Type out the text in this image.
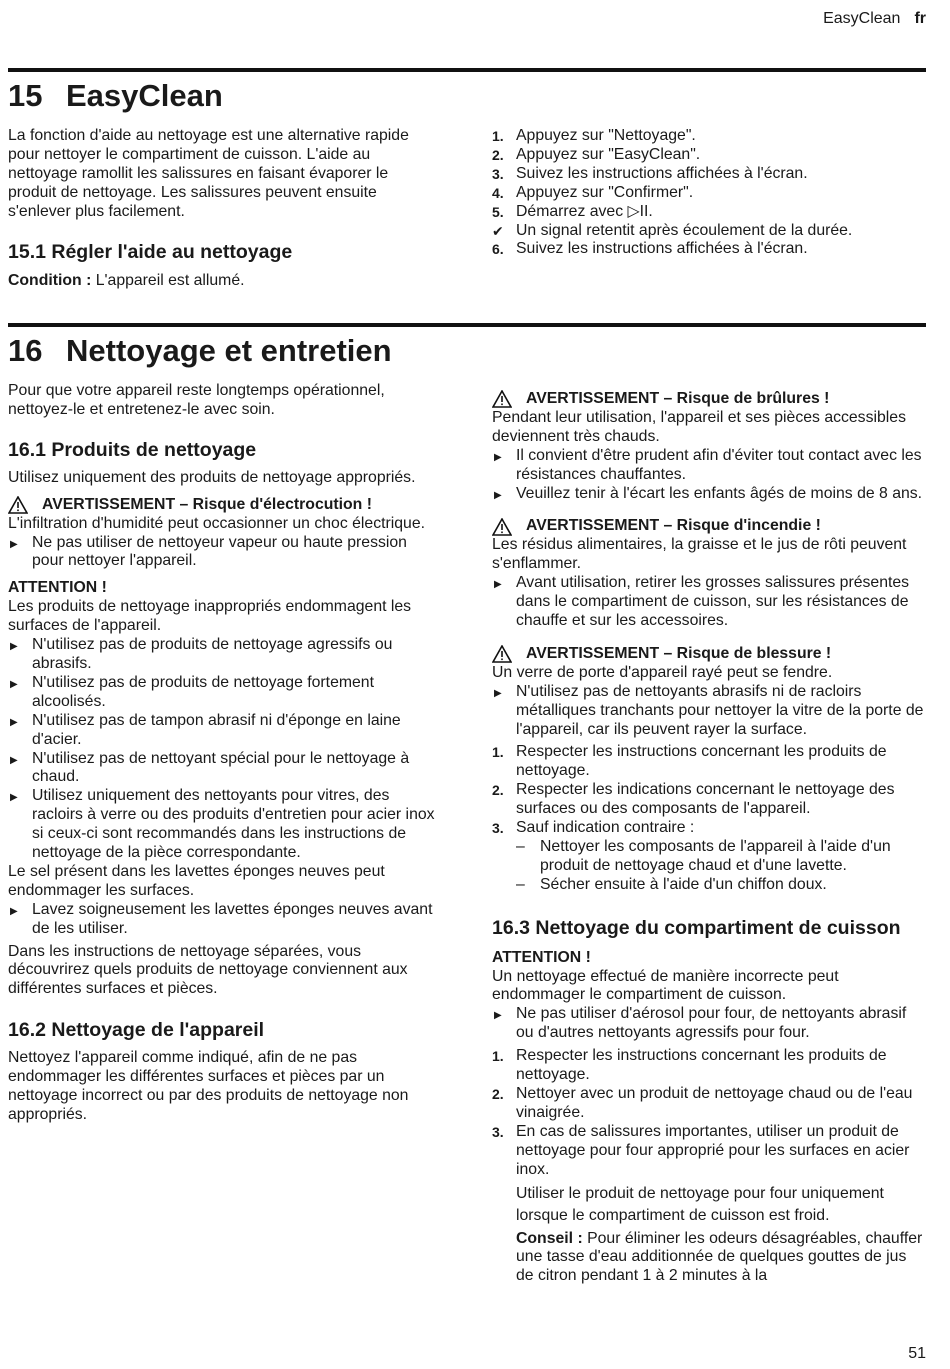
EasyClean fr
15 EasyClean

La fonction d'aide au nettoyage est une alternative rapide pour nettoyer le compartiment de cuisson. L'aide au nettoyage ramollit les salissures en faisant évaporer le produit de nettoyage. Les salissures peuvent ensuite s'enlever plus facilement.

15.1 Régler l'aide au nettoyage

Condition : L'appareil est allumé.

1. Appuyez sur "Nettoyage".
2. Appuyez sur "EasyClean".
3. Suivez les instructions affichées à l'écran.
4. Appuyez sur "Confirmer".
5. Démarrez avec ▷II.
✔ Un signal retentit après écoulement de la durée.
6. Suivez les instructions affichées à l'écran.
16 Nettoyage et entretien

Pour que votre appareil reste longtemps opérationnel, nettoyez-le et entretenez-le avec soin.

16.1 Produits de nettoyage

Utilisez uniquement des produits de nettoyage appropriés.

AVERTISSEMENT – Risque d'électrocution !

L'infiltration d'humidité peut occasionner un choc électrique.

▶ Ne pas utiliser de nettoyeur vapeur ou haute pression pour nettoyer l'appareil.

ATTENTION !

Les produits de nettoyage inappropriés endommagent les surfaces de l'appareil.

▶ N'utilisez pas de produits de nettoyage agressifs ou abrasifs.
▶ N'utilisez pas de produits de nettoyage fortement alcoolisés.
▶ N'utilisez pas de tampon abrasif ni d'éponge en laine d'acier.
▶ N'utilisez pas de nettoyant spécial pour le nettoyage à chaud.
▶ Utilisez uniquement des nettoyants pour vitres, des racloirs à verre ou des produits d'entretien pour acier inox si ceux-ci sont recommandés dans les instructions de nettoyage de la pièce correspondante.

Le sel présent dans les lavettes éponges neuves peut endommager les surfaces.

▶ Lavez soigneusement les lavettes éponges neuves avant de les utiliser.

Dans les instructions de nettoyage séparées, vous découvrirez quels produits de nettoyage conviennent aux différentes surfaces et pièces.

16.2 Nettoyage de l'appareil

Nettoyez l'appareil comme indiqué, afin de ne pas endommager les différentes surfaces et pièces par un nettoyage incorrect ou par des produits de nettoyage non appropriés.

AVERTISSEMENT – Risque de brûlures !

Pendant leur utilisation, l'appareil et ses pièces accessibles deviennent très chauds.

▶ Il convient d'être prudent afin d'éviter tout contact avec les résistances chauffantes.
▶ Veuillez tenir à l'écart les enfants âgés de moins de 8 ans.
AVERTISSEMENT – Risque d'incendie !

Les résidus alimentaires, la graisse et le jus de rôti peuvent s'enflammer.

▶ Avant utilisation, retirer les grosses salissures présentes dans le compartiment de cuisson, sur les résistances de chauffe et sur les accessoires.
AVERTISSEMENT – Risque de blessure !

Un verre de porte d'appareil rayé peut se fendre.

▶ N'utilisez pas de nettoyants abrasifs ni de racloirs métalliques tranchants pour nettoyer la vitre de la porte de l'appareil, car ils peuvent rayer la surface.
1. Respecter les instructions concernant les produits de nettoyage.
2. Respecter les indications concernant le nettoyage des surfaces ou des composants de l'appareil.
3. Sauf indication contraire :
– Nettoyer les composants de l'appareil à l'aide d'un produit de nettoyage chaud et d'une lavette.
– Sécher ensuite à l'aide d'un chiffon doux.
16.3 Nettoyage du compartiment de cuisson

ATTENTION !

Un nettoyage effectué de manière incorrecte peut endommager le compartiment de cuisson.

▶ Ne pas utiliser d'aérosol pour four, de nettoyants abrasif ou d'autres nettoyants agressifs pour four.
1. Respecter les instructions concernant les produits de nettoyage.
2. Nettoyer avec un produit de nettoyage chaud ou de l'eau vinaigrée.
3. En cas de salissures importantes, utiliser un produit de nettoyage pour four approprié pour les surfaces en acier inox.

Utiliser le produit de nettoyage pour four uniquement lorsque le compartiment de cuisson est froid.

Conseil : Pour éliminer les odeurs désagréables, chauffer une tasse d'eau additionnée de quelques gouttes de jus de citron pendant 1 à 2 minutes à la

51
